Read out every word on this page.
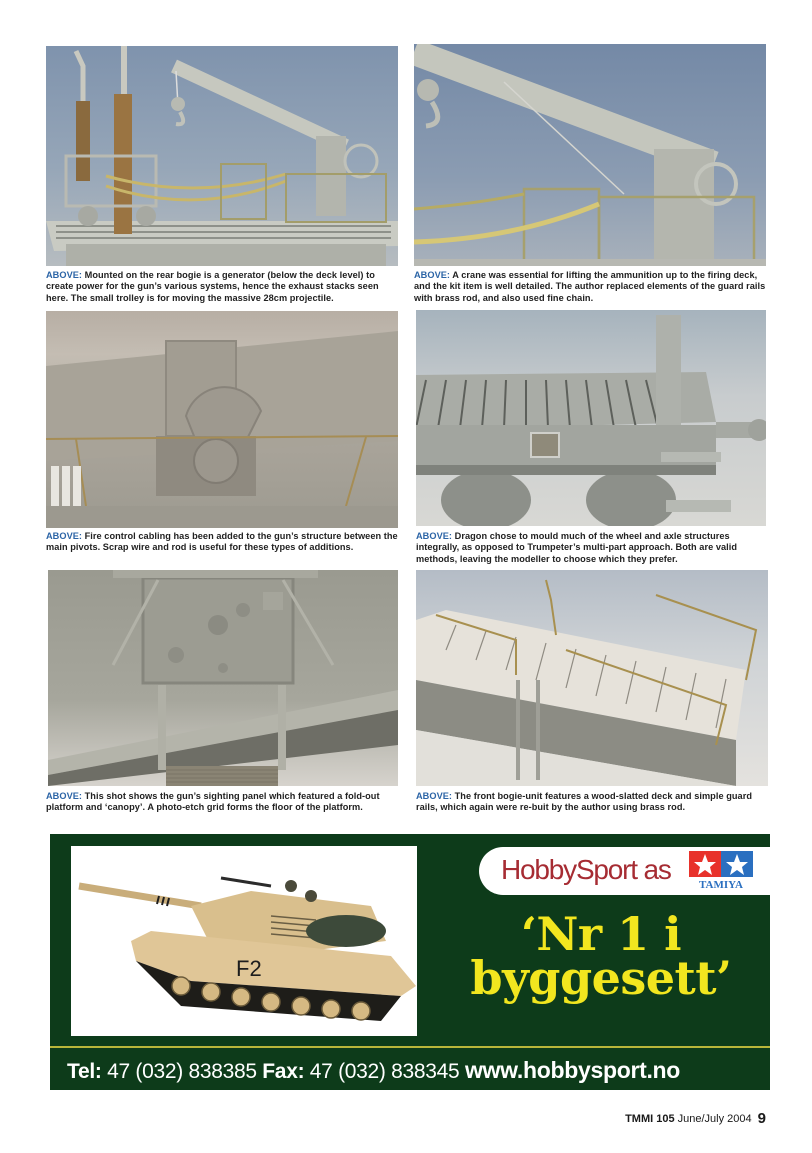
ABOVE: Mounted on the rear bogie is a generator (below the deck level) to create power for the gun’s various systems, hence the exhaust stacks seen here. The small trolley is for moving the massive 28cm projectile.
ABOVE: A crane was essential for lifting the ammunition up to the firing deck, and the kit item is well detailed. The author replaced elements of the guard rails with brass rod, and also used fine chain.
ABOVE: Fire control cabling has been added to the gun’s structure between the main pivots. Scrap wire and rod is useful for these types of additions.
ABOVE: Dragon chose to mould much of the wheel and axle structures integrally, as opposed to Trumpeter’s multi-part approach. Both are valid methods, leaving the modeller to choose which they prefer.
ABOVE: This shot shows the gun’s sighting panel which featured a fold-out platform and ‘canopy’. A photo-etch grid forms the floor of the platform.
ABOVE: The front bogie-unit features a wood-slatted deck and simple guard rails, which again were re-buit by the author using brass rod.
F2
HobbySport as	TAMIYA
‘Nr 1 i
byggesett’
Tel: 47 (032) 838385 Fax: 47 (032) 838345 www.hobbysport.no
TMMI 105 June/July 2004 9
